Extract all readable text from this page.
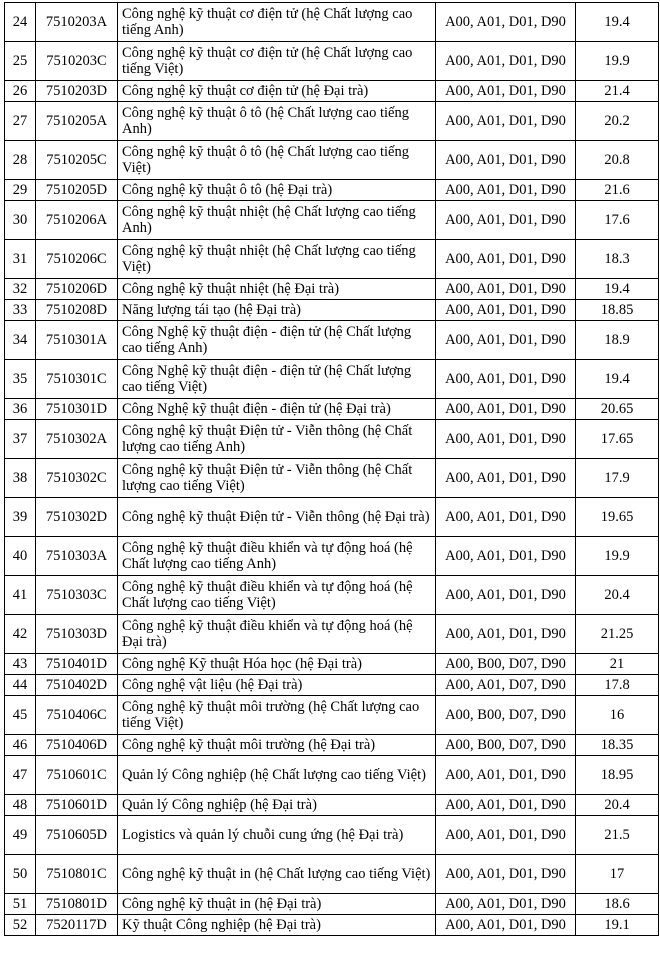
24	7510203A	Công nghệ kỹ thuật cơ điện tử (hệ Chất lượng cao tiếng Anh)	A00, A01, D01, D90	19.4
25	7510203C	Công nghệ kỹ thuật cơ điện tử (hệ Chất lượng cao tiếng Việt)	A00, A01, D01, D90	19.9
26	7510203D	Công nghệ kỹ thuật cơ điện tử (hệ Đại trà)	A00, A01, D01, D90	21.4
27	7510205A	Công nghệ kỹ thuật ô tô (hệ Chất lượng cao tiếng Anh)	A00, A01, D01, D90	20.2
28	7510205C	Công nghệ kỹ thuật ô tô (hệ Chất lượng cao tiếng Việt)	A00, A01, D01, D90	20.8
29	7510205D	Công nghệ kỹ thuật ô tô (hệ Đại trà)	A00, A01, D01, D90	21.6
30	7510206A	Công nghệ kỹ thuật nhiệt (hệ Chất lượng cao tiếng Anh)	A00, A01, D01, D90	17.6
31	7510206C	Công nghệ kỹ thuật nhiệt (hệ Chất lượng cao tiếng Việt)	A00, A01, D01, D90	18.3
32	7510206D	Công nghệ kỹ thuật nhiệt (hệ Đại trà)	A00, A01, D01, D90	19.4
33	7510208D	Năng lượng tái tạo (hệ Đại trà)	A00, A01, D01, D90	18.85
34	7510301A	Công Nghệ kỹ thuật điện - điện tử (hệ Chất lượng cao tiếng Anh)	A00, A01, D01, D90	18.9
35	7510301C	Công Nghệ kỹ thuật điện - điện tử (hệ Chất lượng cao tiếng Việt)	A00, A01, D01, D90	19.4
36	7510301D	Công Nghệ kỹ thuật điện - điện tử (hệ Đại trà)	A00, A01, D01, D90	20.65
37	7510302A	Công nghệ kỹ thuật Điện tử - Viễn thông (hệ Chất lượng cao tiếng Anh)	A00, A01, D01, D90	17.65
38	7510302C	Công nghệ kỹ thuật Điện tử - Viễn thông (hệ Chất lượng cao tiếng Việt)	A00, A01, D01, D90	17.9
39	7510302D	Công nghệ kỹ thuật Điện tử - Viễn thông (hệ Đại trà)	A00, A01, D01, D90	19.65
40	7510303A	Công nghệ kỹ thuật điều khiển và tự động hoá (hệ Chất lượng cao tiếng Anh)	A00, A01, D01, D90	19.9
41	7510303C	Công nghệ kỹ thuật điều khiển và tự động hoá (hệ Chất lượng cao tiếng Việt)	A00, A01, D01, D90	20.4
42	7510303D	Công nghệ kỹ thuật điều khiển và tự động hoá (hệ Đại trà)	A00, A01, D01, D90	21.25
43	7510401D	Công nghệ Kỹ thuật Hóa học (hệ Đại trà)	A00, B00, D07, D90	21
44	7510402D	Công nghệ vật liệu (hệ Đại trà)	A00, A01, D07, D90	17.8
45	7510406C	Công nghệ kỹ thuật môi trường (hệ Chất lượng cao tiếng Việt)	A00, B00, D07, D90	16
46	7510406D	Công nghệ kỹ thuật môi trường (hệ Đại trà)	A00, B00, D07, D90	18.35
47	7510601C	Quản lý Công nghiệp (hệ Chất lượng cao tiếng Việt)	A00, A01, D01, D90	18.95
48	7510601D	Quản lý Công nghiệp (hệ Đại trà)	A00, A01, D01, D90	20.4
49	7510605D	Logistics và quản lý chuỗi cung ứng (hệ Đại trà)	A00, A01, D01, D90	21.5
50	7510801C	Công nghệ kỹ thuật in (hệ Chất lượng cao tiếng Việt)	A00, A01, D01, D90	17
51	7510801D	Công nghệ kỹ thuật in (hệ Đại trà)	A00, A01, D01, D90	18.6
52	7520117D	Kỹ thuật Công nghiệp (hệ Đại trà)	A00, A01, D01, D90	19.1
